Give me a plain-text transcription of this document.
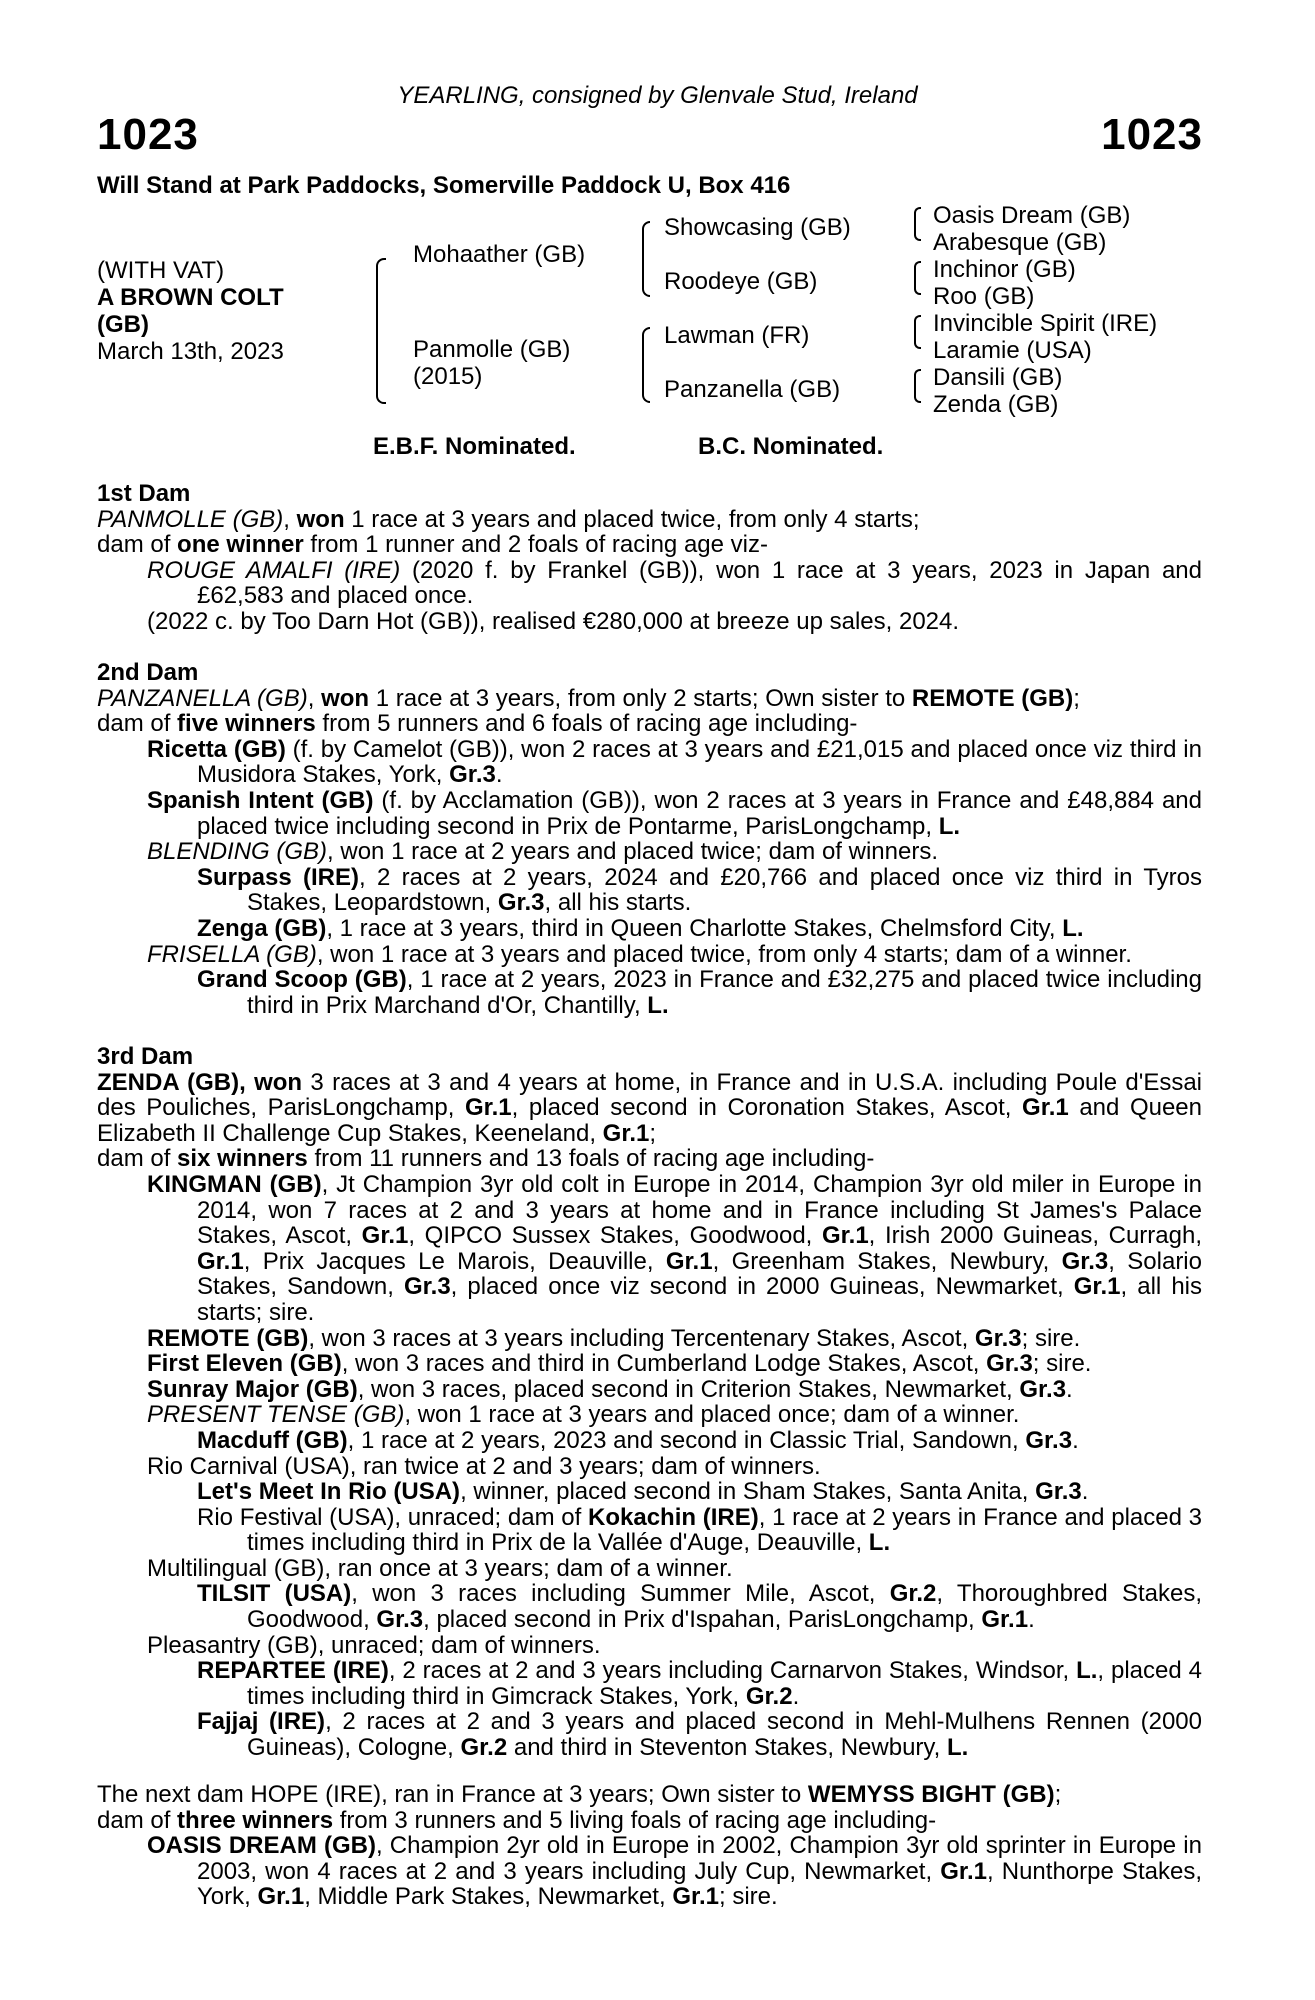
1023	1023
YEARLING, consigned by Glenvale Stud, Ireland
Will Stand at Park Paddocks, Somerville Paddock U, Box 416
(WITH VAT)
A BROWN COLT
(GB)
March 13th, 2023
Mohaather (GB)
Panmolle (GB)
(2015)
Showcasing (GB)
Roodeye (GB)
Lawman (FR)
Panzanella (GB)
Oasis Dream (GB)
Arabesque (GB)
Inchinor (GB)
Roo (GB)
Invincible Spirit (IRE)
Laramie (USA)
Dansili (GB)
Zenda (GB)
E.B.F. Nominated.	B.C. Nominated.

1st Dam

PANMOLLE (GB), won 1 race at 3 years and placed twice, from only 4 starts;

dam of one winner from 1 runner and 2 foals of racing age viz-

ROUGE AMALFI (IRE) (2020 f. by Frankel (GB)), won 1 race at 3 years, 2023 in Japan and £62,583 and placed once.

(2022 c. by Too Darn Hot (GB)), realised €280,000 at breeze up sales, 2024.

2nd Dam

PANZANELLA (GB), won 1 race at 3 years, from only 2 starts; Own sister to REMOTE (GB);

dam of five winners from 5 runners and 6 foals of racing age including-

Ricetta (GB) (f. by Camelot (GB)), won 2 races at 3 years and £21,015 and placed once viz third in Musidora Stakes, York, Gr.3.

Spanish Intent (GB) (f. by Acclamation (GB)), won 2 races at 3 years in France and £48,884 and placed twice including second in Prix de Pontarme, ParisLongchamp, L.

BLENDING (GB), won 1 race at 2 years and placed twice; dam of winners.

Surpass (IRE), 2 races at 2 years, 2024 and £20,766 and placed once viz third in Tyros Stakes, Leopardstown, Gr.3, all his starts.

Zenga (GB), 1 race at 3 years, third in Queen Charlotte Stakes, Chelmsford City, L.

FRISELLA (GB), won 1 race at 3 years and placed twice, from only 4 starts; dam of a winner.

Grand Scoop (GB), 1 race at 2 years, 2023 in France and £32,275 and placed twice including third in Prix Marchand d'Or, Chantilly, L.

3rd Dam

ZENDA (GB), won 3 races at 3 and 4 years at home, in France and in U.S.A. including Poule d'Essai des Pouliches, ParisLongchamp, Gr.1, placed second in Coronation Stakes, Ascot, Gr.1 and Queen Elizabeth II Challenge Cup Stakes, Keeneland, Gr.1;

dam of six winners from 11 runners and 13 foals of racing age including-

KINGMAN (GB), Jt Champion 3yr old colt in Europe in 2014, Champion 3yr old miler in Europe in 2014, won 7 races at 2 and 3 years at home and in France including St James's Palace Stakes, Ascot, Gr.1, QIPCO Sussex Stakes, Goodwood, Gr.1, Irish 2000 Guineas, Curragh, Gr.1, Prix Jacques Le Marois, Deauville, Gr.1, Greenham Stakes, Newbury, Gr.3, Solario Stakes, Sandown, Gr.3, placed once viz second in 2000 Guineas, Newmarket, Gr.1, all his starts; sire.

REMOTE (GB), won 3 races at 3 years including Tercentenary Stakes, Ascot, Gr.3; sire.

First Eleven (GB), won 3 races and third in Cumberland Lodge Stakes, Ascot, Gr.3; sire.

Sunray Major (GB), won 3 races, placed second in Criterion Stakes, Newmarket, Gr.3.

PRESENT TENSE (GB), won 1 race at 3 years and placed once; dam of a winner.

Macduff (GB), 1 race at 2 years, 2023 and second in Classic Trial, Sandown, Gr.3.

Rio Carnival (USA), ran twice at 2 and 3 years; dam of winners.

Let's Meet In Rio (USA), winner, placed second in Sham Stakes, Santa Anita, Gr.3.

Rio Festival (USA), unraced; dam of Kokachin (IRE), 1 race at 2 years in France and placed 3 times including third in Prix de la Vallée d'Auge, Deauville, L.

Multilingual (GB), ran once at 3 years; dam of a winner.

TILSIT (USA), won 3 races including Summer Mile, Ascot, Gr.2, Thoroughbred Stakes, Goodwood, Gr.3, placed second in Prix d'Ispahan, ParisLongchamp, Gr.1.

Pleasantry (GB), unraced; dam of winners.

REPARTEE (IRE), 2 races at 2 and 3 years including Carnarvon Stakes, Windsor, L., placed 4 times including third in Gimcrack Stakes, York, Gr.2.

Fajjaj (IRE), 2 races at 2 and 3 years and placed second in Mehl-Mulhens Rennen (2000 Guineas), Cologne, Gr.2 and third in Steventon Stakes, Newbury, L.

The next dam HOPE (IRE), ran in France at 3 years; Own sister to WEMYSS BIGHT (GB);

dam of three winners from 3 runners and 5 living foals of racing age including-

OASIS DREAM (GB), Champion 2yr old in Europe in 2002, Champion 3yr old sprinter in Europe in 2003, won 4 races at 2 and 3 years including July Cup, Newmarket, Gr.1, Nunthorpe Stakes, York, Gr.1, Middle Park Stakes, Newmarket, Gr.1; sire.
